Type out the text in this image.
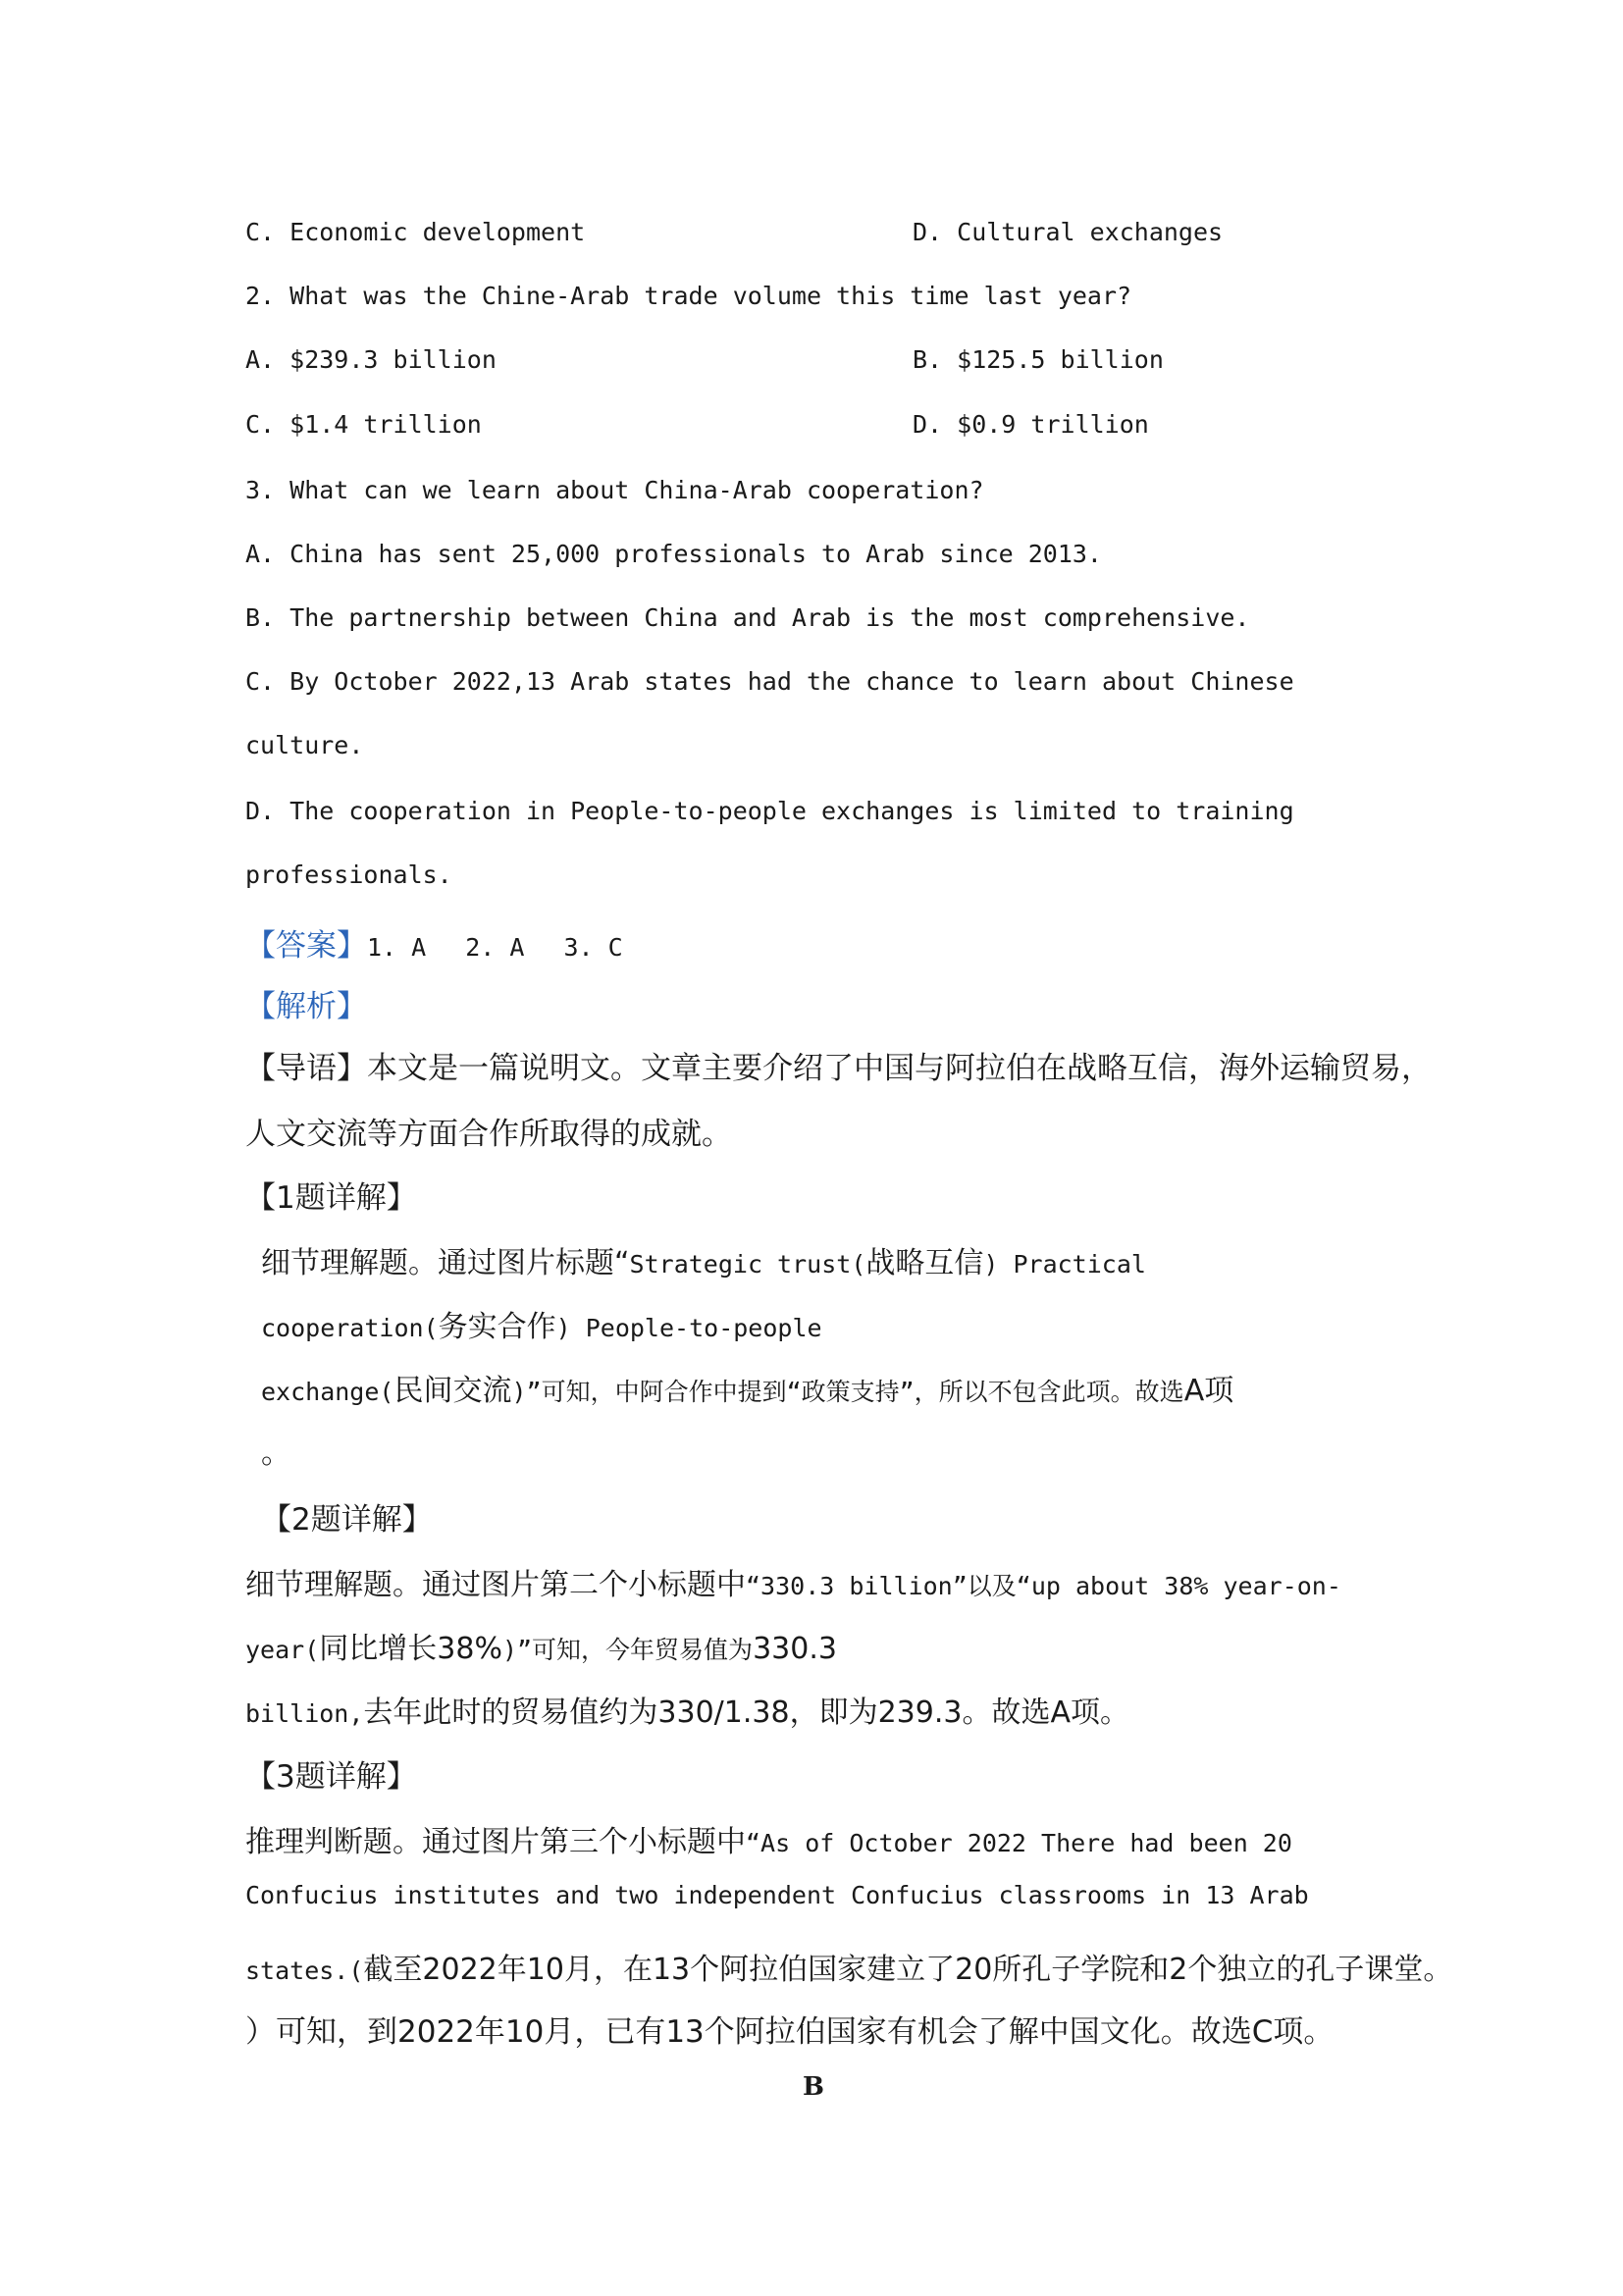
C. Economic development	D. Cultural exchanges
2. What was the Chine-Arab trade volume this time last year?
A. $239.3 billion	B. $125.5 billion
C. $1.4 trillion	D. $0.9 trillion
3. What can we learn about China-Arab cooperation?
A. China has sent 25,000 professionals to Arab since 2013.
B. The partnership between China and Arab is the most comprehensive.
C. By October 2022,13 Arab states had the chance to learn about Chinese
culture.
D. The cooperation in People-to-people exchanges is limited to training
professionals.
【答案】1. A 2. A 3. C
【解析】
【导语】本文是一篇说明文。文章主要介绍了中国与阿拉伯在战略互信，海外运输贸易，
人文交流等方面合作所取得的成就。
【1题详解】
细节理解题。通过图片标题“Strategic trust(战略互信) Practical
cooperation(务实合作) People-to-people
exchange(民间交流)”可知，中阿合作中提到“政策支持”，所以不包含此项。故选A项
。
【2题详解】
细节理解题。通过图片第二个小标题中“330.3 billion”以及“up about 38% year-on-
year(同比增长38%)”可知，今年贸易值为330.3
billion,去年此时的贸易值约为330/1.38，即为239.3。故选A项。
【3题详解】
推理判断题。通过图片第三个小标题中“As of October 2022 There had been 20
Confucius institutes and two independent Confucius classrooms in 13 Arab
states.(截至2022年10月，在13个阿拉伯国家建立了20所孔子学院和2个独立的孔子课堂。
）可知，到2022年10月，已有13个阿拉伯国家有机会了解中国文化。故选C项。
B
